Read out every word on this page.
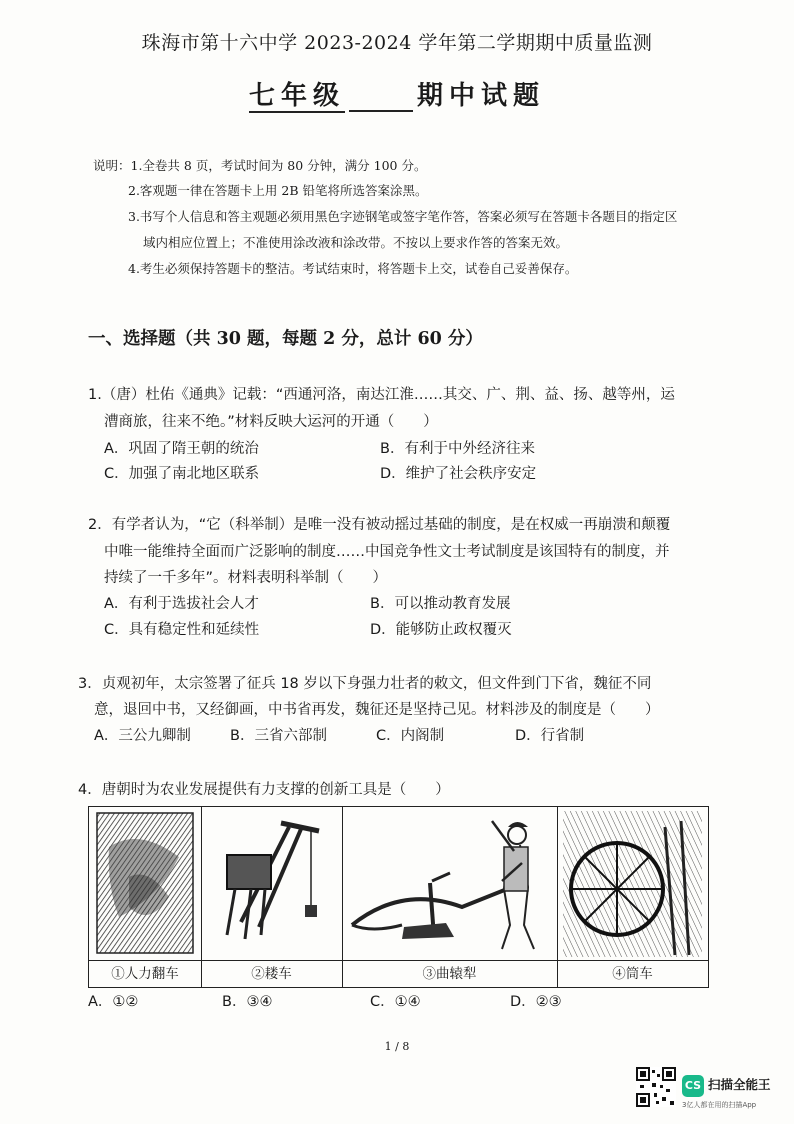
珠海市第十六中学 2023-2024 学年第二学期期中质量监测
七年级	期中试题
说明：1.全卷共 8 页，考试时间为 80 分钟，满分 100 分。
2.客观题一律在答题卡上用 2B 铅笔将所选答案涂黑。
3.书写个人信息和答主观题必须用黑色字迹钢笔或签字笔作答，答案必须写在答题卡各题目的指定区
域内相应位置上；不准使用涂改液和涂改带。不按以上要求作答的答案无效。
4.考生必须保持答题卡的整洁。考试结束时，将答题卡上交，试卷自己妥善保存。
一、选择题（共 30 题，每题 2 分，总计 60 分）
1.（唐）杜佑《通典》记载：“西通河洛，南达江淮……其交、广、荆、益、扬、越等州，运
漕商旅，往来不绝。”材料反映大运河的开通（　　）
A．巩固了隋王朝的统治	B．有利于中外经济往来
C．加强了南北地区联系	D．维护了社会秩序安定
2．有学者认为，“它（科举制）是唯一没有被动摇过基础的制度，是在权威一再崩溃和颠覆
中唯一能维持全面而广泛影响的制度……中国竞争性文士考试制度是该国特有的制度，并
持续了一千多年”。材料表明科举制（　　）
A．有利于选拔社会人才	B．可以推动教育发展
C．具有稳定性和延续性	D．能够防止政权覆灭
3．贞观初年，太宗签署了征兵 18 岁以下身强力壮者的敕文，但文件到门下省，魏征不同
意，退回中书，又经御画，中书省再发，魏征还是坚持己见。材料涉及的制度是（　　）
A．三公九卿制	B．三省六部制	C．内阁制	D．行省制
4．唐朝时为农业发展提供有力支撑的创新工具是（　　）
①人力翻车	②耧车	③曲辕犁	④筒车
A．①②	B．③④	C．①④	D．②③
1 / 8
CS 扫描全能王
3亿人都在用的扫描App
